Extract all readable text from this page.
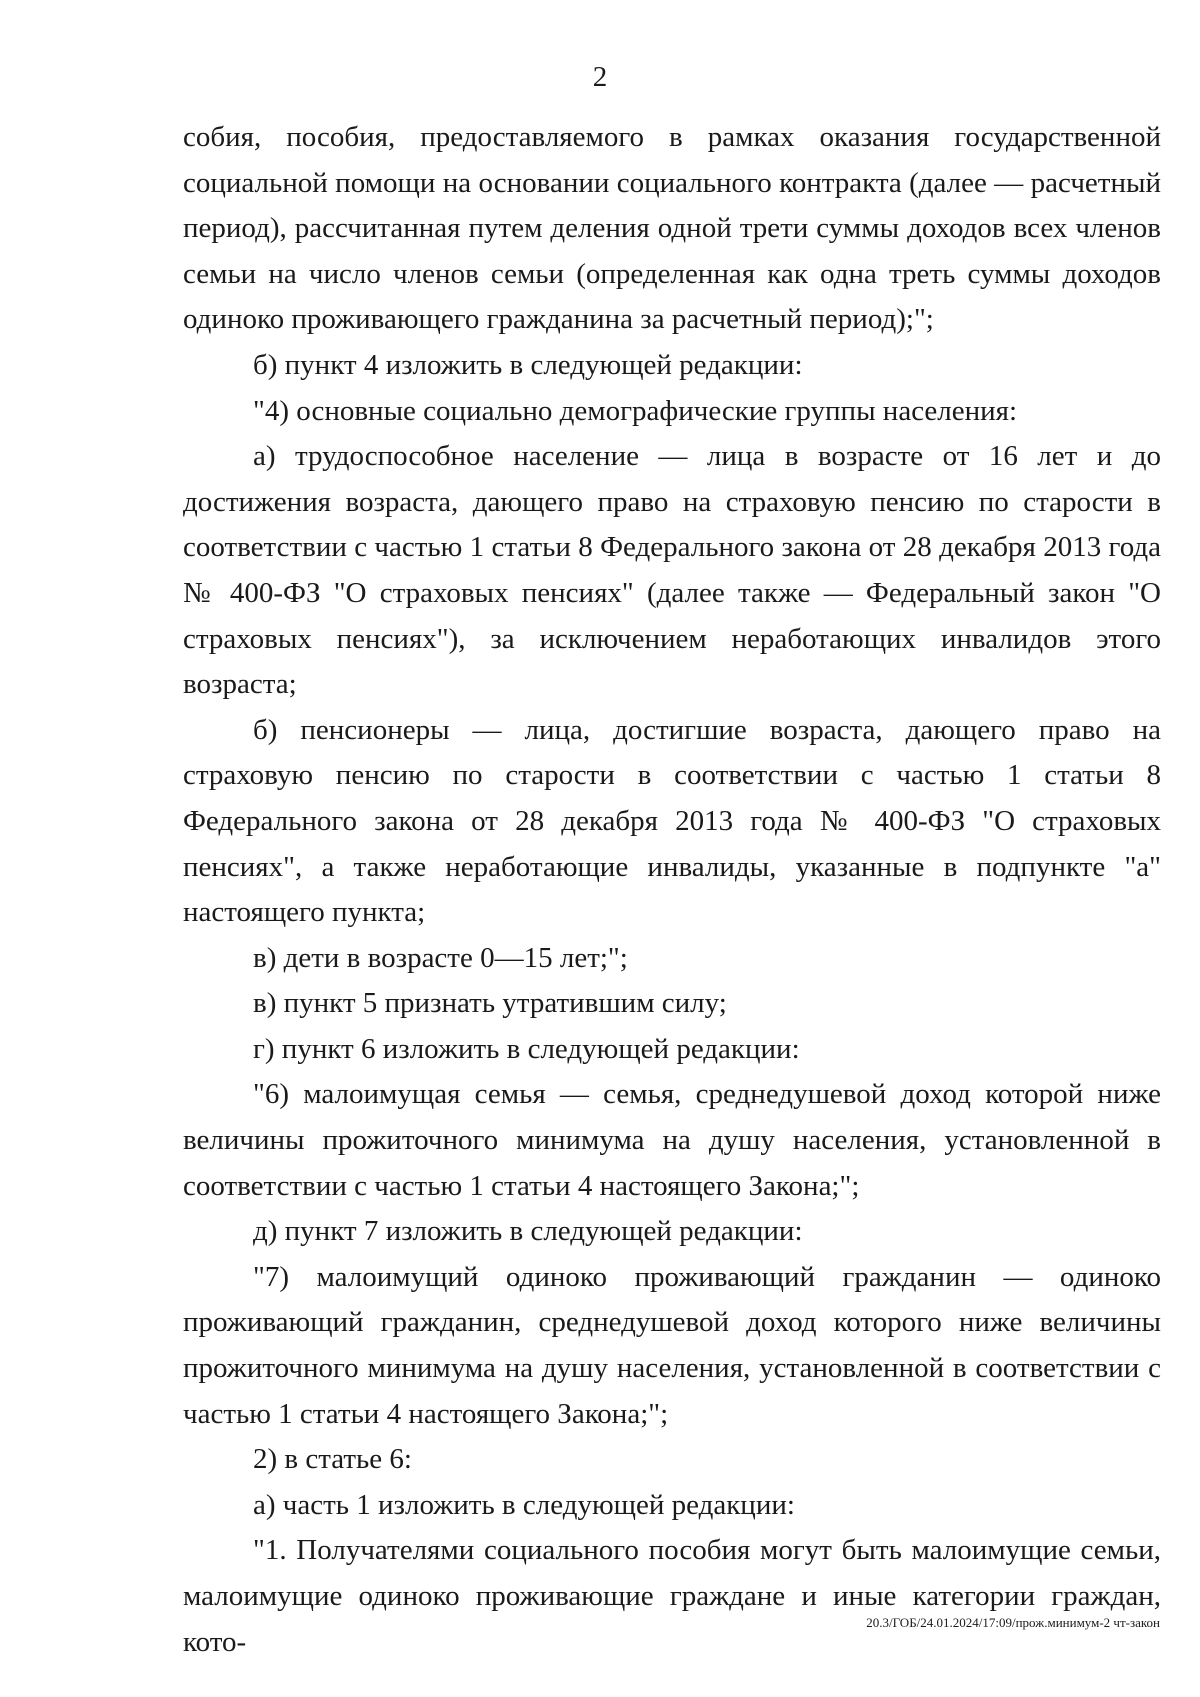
2

собия, пособия, предоставляемого в рамках оказания государственной социальной помощи на основании социального контракта (далее — расчетный период), рассчитанная путем деления одной трети суммы доходов всех членов семьи на число членов семьи (определенная как одна треть суммы доходов одиноко проживающего гражданина за расчетный период);";

б) пункт 4 изложить в следующей редакции:

"4) основные социально демографические группы населения:

а) трудоспособное население — лица в возрасте от 16 лет и до достижения возраста, дающего право на страховую пенсию по старости в соответствии с частью 1 статьи 8 Федерального закона от 28 декабря 2013 года № 400-ФЗ "О страховых пенсиях" (далее также — Федеральный закон "О страховых пенсиях"), за исключением неработающих инвалидов этого возраста;

б) пенсионеры — лица, достигшие возраста, дающего право на страховую пенсию по старости в соответствии с частью 1 статьи 8 Федерального закона от 28 декабря 2013 года № 400-ФЗ "О страховых пенсиях", а также неработающие инвалиды, указанные в подпункте "а" настоящего пункта;

в) дети в возрасте 0—15 лет;";

в) пункт 5 признать утратившим силу;

г) пункт 6 изложить в следующей редакции:

"6) малоимущая семья — семья, среднедушевой доход которой ниже величины прожиточного минимума на душу населения, установленной в соответствии с частью 1 статьи 4 настоящего Закона;";

д) пункт 7 изложить в следующей редакции:

"7) малоимущий одиноко проживающий гражданин — одиноко проживающий гражданин, среднедушевой доход которого ниже величины прожиточного минимума на душу населения, установленной в соответствии с частью 1 статьи 4 настоящего Закона;";

2) в статье 6:

а) часть 1 изложить в следующей редакции:

"1. Получателями социального пособия могут быть малоимущие семьи, малоимущие одиноко проживающие граждане и иные категории граждан, кото-

20.3/ГОБ/24.01.2024/17:09/прож.минимум-2 чт-закон
